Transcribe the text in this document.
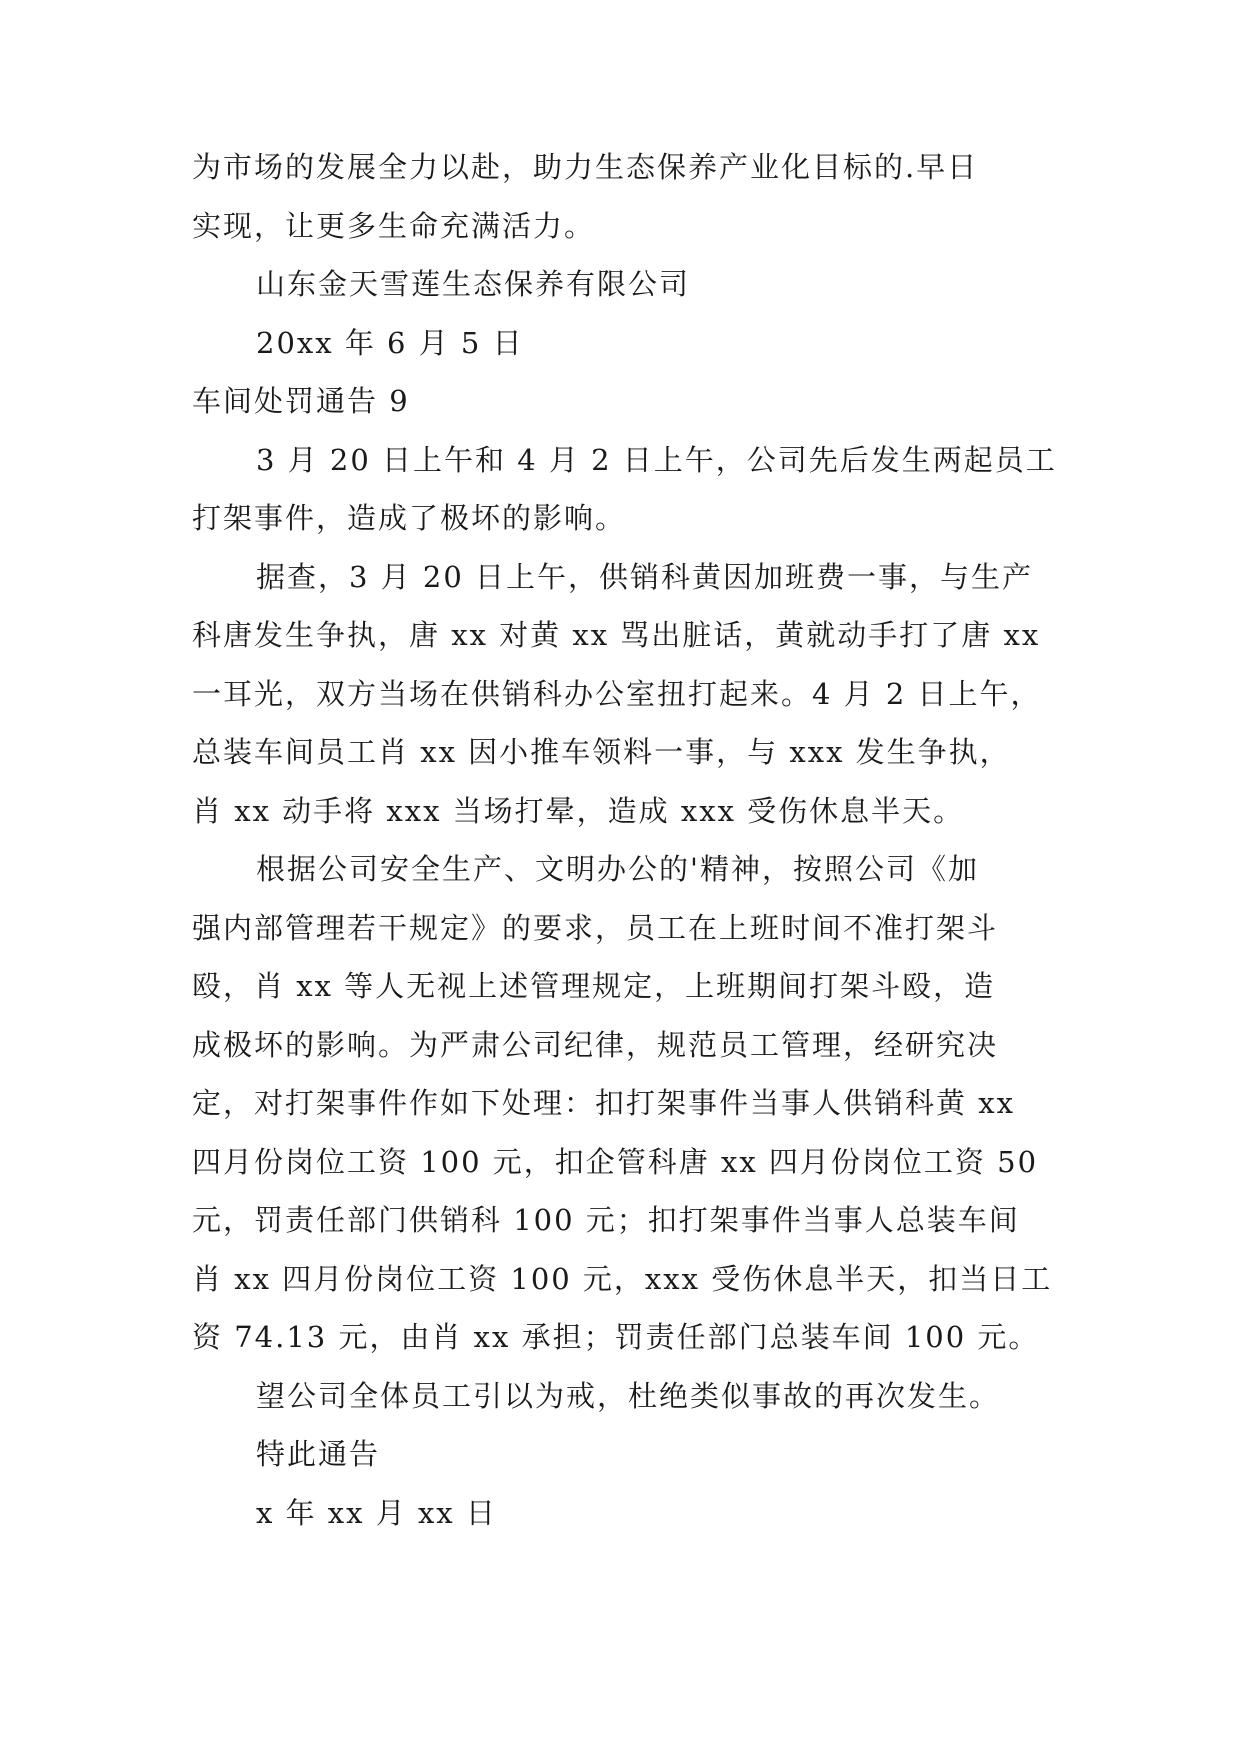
为市场的发展全力以赴，助力生态保养产业化目标的.早日
实现，让更多生命充满活力。
山东金天雪莲生态保养有限公司
20xx 年 6 月 5 日
车间处罚通告 9
3 月 20 日上午和 4 月 2 日上午，公司先后发生两起员工
打架事件，造成了极坏的影响。
据查，3 月 20 日上午，供销科黄因加班费一事，与生产
科唐发生争执，唐 xx 对黄 xx 骂出脏话，黄就动手打了唐 xx
一耳光，双方当场在供销科办公室扭打起来。4 月 2 日上午，
总装车间员工肖 xx 因小推车领料一事，与 xxx 发生争执，
肖 xx 动手将 xxx 当场打晕，造成 xxx 受伤休息半天。
根据公司安全生产、文明办公的'精神，按照公司《加
强内部管理若干规定》的要求，员工在上班时间不准打架斗
殴，肖 xx 等人无视上述管理规定，上班期间打架斗殴，造
成极坏的影响。为严肃公司纪律，规范员工管理，经研究决
定，对打架事件作如下处理：扣打架事件当事人供销科黄 xx
四月份岗位工资 100 元，扣企管科唐 xx 四月份岗位工资 50
元，罚责任部门供销科 100 元；扣打架事件当事人总装车间
肖 xx 四月份岗位工资 100 元，xxx 受伤休息半天，扣当日工
资 74.13 元，由肖 xx 承担；罚责任部门总装车间 100 元。
望公司全体员工引以为戒，杜绝类似事故的再次发生。
特此通告
x 年 xx 月 xx 日
